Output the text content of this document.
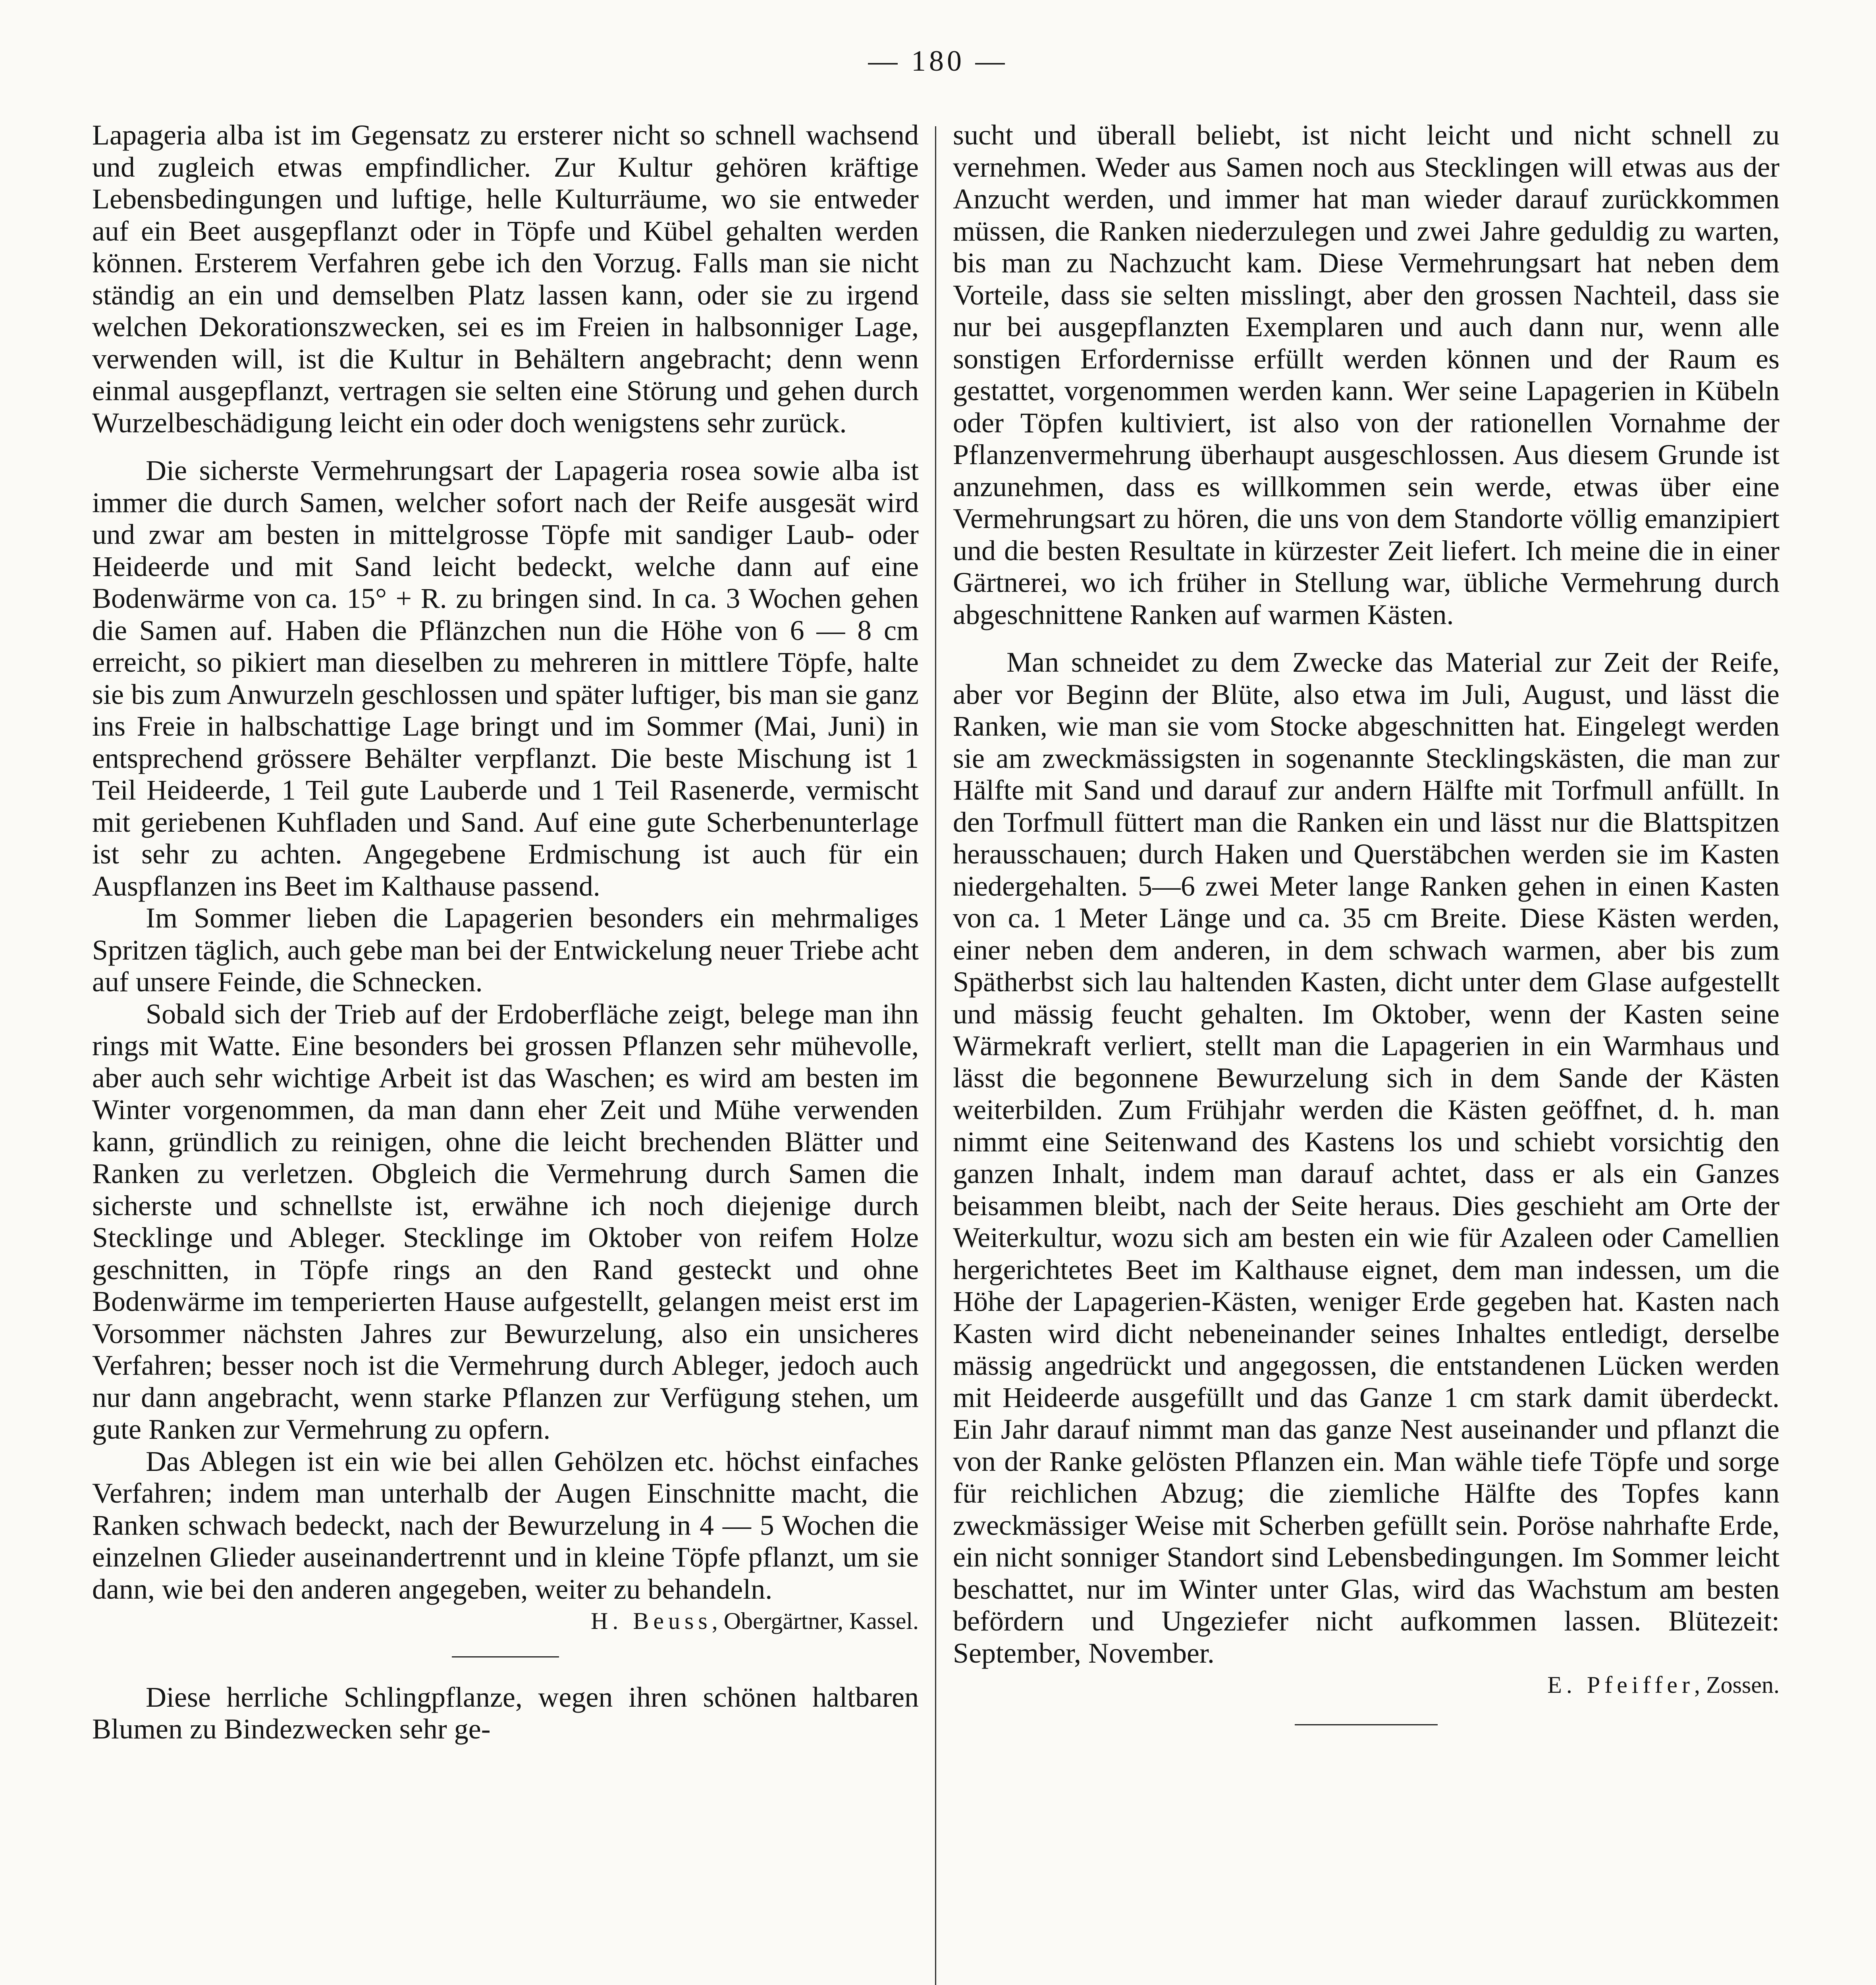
— 180 —

Lapageria alba ist im Gegensatz zu ersterer nicht so schnell wachsend und zugleich etwas empfindlicher. Zur Kultur gehören kräftige Lebensbedingungen und luftige, helle Kulturräume, wo sie entweder auf ein Beet ausgepflanzt oder in Töpfe und Kübel gehalten werden können. Ersterem Verfahren gebe ich den Vorzug. Falls man sie nicht ständig an ein und demselben Platz lassen kann, oder sie zu irgend welchen Dekorationszwecken, sei es im Freien in halbsonniger Lage, verwenden will, ist die Kultur in Behältern angebracht; denn wenn einmal ausgepflanzt, vertragen sie selten eine Störung und gehen durch Wurzelbeschädigung leicht ein oder doch wenigstens sehr zurück.

Die sicherste Vermehrungsart der Lapageria rosea sowie alba ist immer die durch Samen, welcher sofort nach der Reife ausgesät wird und zwar am besten in mittelgrosse Töpfe mit sandiger Laub- oder Heideerde und mit Sand leicht bedeckt, welche dann auf eine Bodenwärme von ca. 15° + R. zu bringen sind. In ca. 3 Wochen gehen die Samen auf. Haben die Pflänzchen nun die Höhe von 6 — 8 cm erreicht, so pikiert man dieselben zu mehreren in mittlere Töpfe, halte sie bis zum Anwurzeln geschlossen und später luftiger, bis man sie ganz ins Freie in halbschattige Lage bringt und im Sommer (Mai, Juni) in entsprechend grössere Behälter verpflanzt. Die beste Mischung ist 1 Teil Heideerde, 1 Teil gute Lauberde und 1 Teil Rasenerde, vermischt mit geriebenen Kuhfladen und Sand. Auf eine gute Scherbenunterlage ist sehr zu achten. Angegebene Erdmischung ist auch für ein Auspflanzen ins Beet im Kalthause passend.

Im Sommer lieben die Lapagerien besonders ein mehrmaliges Spritzen täglich, auch gebe man bei der Entwickelung neuer Triebe acht auf unsere Feinde, die Schnecken.

Sobald sich der Trieb auf der Erdoberfläche zeigt, belege man ihn rings mit Watte. Eine besonders bei grossen Pflanzen sehr mühevolle, aber auch sehr wichtige Arbeit ist das Waschen; es wird am besten im Winter vorgenommen, da man dann eher Zeit und Mühe verwenden kann, gründlich zu reinigen, ohne die leicht brechenden Blätter und Ranken zu verletzen. Obgleich die Vermehrung durch Samen die sicherste und schnellste ist, erwähne ich noch diejenige durch Stecklinge und Ableger. Stecklinge im Oktober von reifem Holze geschnitten, in Töpfe rings an den Rand gesteckt und ohne Bodenwärme im temperierten Hause aufgestellt, gelangen meist erst im Vorsommer nächsten Jahres zur Bewurzelung, also ein unsicheres Verfahren; besser noch ist die Vermehrung durch Ableger, jedoch auch nur dann angebracht, wenn starke Pflanzen zur Verfügung stehen, um gute Ranken zur Vermehrung zu opfern.

Das Ablegen ist ein wie bei allen Gehölzen etc. höchst einfaches Verfahren; indem man unterhalb der Augen Einschnitte macht, die Ranken schwach bedeckt, nach der Bewurzelung in 4 — 5 Wochen die einzelnen Glieder auseinandertrennt und in kleine Töpfe pflanzt, um sie dann, wie bei den anderen angegeben, weiter zu behandeln.

H. Beuss, Obergärtner, Kassel.

Diese herrliche Schlingpflanze, wegen ihren schönen haltbaren Blumen zu Bindezwecken sehr ge-

sucht und überall beliebt, ist nicht leicht und nicht schnell zu vernehmen. Weder aus Samen noch aus Stecklingen will etwas aus der Anzucht werden, und immer hat man wieder darauf zurückkommen müssen, die Ranken niederzulegen und zwei Jahre geduldig zu warten, bis man zu Nachzucht kam. Diese Vermehrungsart hat neben dem Vorteile, dass sie selten misslingt, aber den grossen Nachteil, dass sie nur bei ausgepflanzten Exemplaren und auch dann nur, wenn alle sonstigen Erfordernisse erfüllt werden können und der Raum es gestattet, vorgenommen werden kann. Wer seine Lapagerien in Kübeln oder Töpfen kultiviert, ist also von der rationellen Vornahme der Pflanzenvermehrung überhaupt ausgeschlossen. Aus diesem Grunde ist anzunehmen, dass es willkommen sein werde, etwas über eine Vermehrungsart zu hören, die uns von dem Standorte völlig emanzipiert und die besten Resultate in kürzester Zeit liefert. Ich meine die in einer Gärtnerei, wo ich früher in Stellung war, übliche Vermehrung durch abgeschnittene Ranken auf warmen Kästen.

Man schneidet zu dem Zwecke das Material zur Zeit der Reife, aber vor Beginn der Blüte, also etwa im Juli, August, und lässt die Ranken, wie man sie vom Stocke abgeschnitten hat. Eingelegt werden sie am zweckmässigsten in sogenannte Stecklingskästen, die man zur Hälfte mit Sand und darauf zur andern Hälfte mit Torfmull anfüllt. In den Torfmull füttert man die Ranken ein und lässt nur die Blattspitzen herausschauen; durch Haken und Querstäbchen werden sie im Kasten niedergehalten. 5—6 zwei Meter lange Ranken gehen in einen Kasten von ca. 1 Meter Länge und ca. 35 cm Breite. Diese Kästen werden, einer neben dem anderen, in dem schwach warmen, aber bis zum Spätherbst sich lau haltenden Kasten, dicht unter dem Glase aufgestellt und mässig feucht gehalten. Im Oktober, wenn der Kasten seine Wärmekraft verliert, stellt man die Lapagerien in ein Warmhaus und lässt die begonnene Bewurzelung sich in dem Sande der Kästen weiterbilden. Zum Frühjahr werden die Kästen geöffnet, d. h. man nimmt eine Seitenwand des Kastens los und schiebt vorsichtig den ganzen Inhalt, indem man darauf achtet, dass er als ein Ganzes beisammen bleibt, nach der Seite heraus. Dies geschieht am Orte der Weiterkultur, wozu sich am besten ein wie für Azaleen oder Camellien hergerichtetes Beet im Kalthause eignet, dem man indessen, um die Höhe der Lapagerien-Kästen, weniger Erde gegeben hat. Kasten nach Kasten wird dicht nebeneinander seines Inhaltes entledigt, derselbe mässig angedrückt und angegossen, die entstandenen Lücken werden mit Heideerde ausgefüllt und das Ganze 1 cm stark damit überdeckt. Ein Jahr darauf nimmt man das ganze Nest auseinander und pflanzt die von der Ranke gelösten Pflanzen ein. Man wähle tiefe Töpfe und sorge für reichlichen Abzug; die ziemliche Hälfte des Topfes kann zweckmässiger Weise mit Scherben gefüllt sein. Poröse nahrhafte Erde, ein nicht sonniger Standort sind Lebensbedingungen. Im Sommer leicht beschattet, nur im Winter unter Glas, wird das Wachstum am besten befördern und Ungeziefer nicht aufkommen lassen. Blütezeit: September, November.

E. Pfeiffer, Zossen.
